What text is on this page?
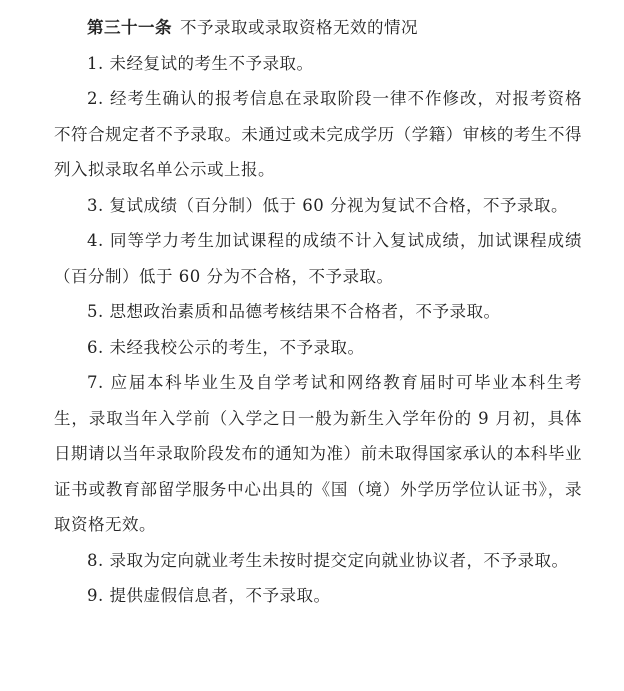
第三十一条 不予录取或录取资格无效的情况

1. 未经复试的考生不予录取。

2. 经考生确认的报考信息在录取阶段一律不作修改，对报考资格不符合规定者不予录取。未通过或未完成学历（学籍）审核的考生不得列入拟录取名单公示或上报。

3. 复试成绩（百分制）低于 60 分视为复试不合格，不予录取。

4. 同等学力考生加试课程的成绩不计入复试成绩，加试课程成绩（百分制）低于 60 分为不合格，不予录取。

5. 思想政治素质和品德考核结果不合格者，不予录取。

6. 未经我校公示的考生，不予录取。

7. 应届本科毕业生及自学考试和网络教育届时可毕业本科生考生，录取当年入学前（入学之日一般为新生入学年份的 9 月初，具体日期请以当年录取阶段发布的通知为准）前未取得国家承认的本科毕业证书或教育部留学服务中心出具的《国（境）外学历学位认证书》，录取资格无效。

8. 录取为定向就业考生未按时提交定向就业协议者，不予录取。

9. 提供虚假信息者，不予录取。
